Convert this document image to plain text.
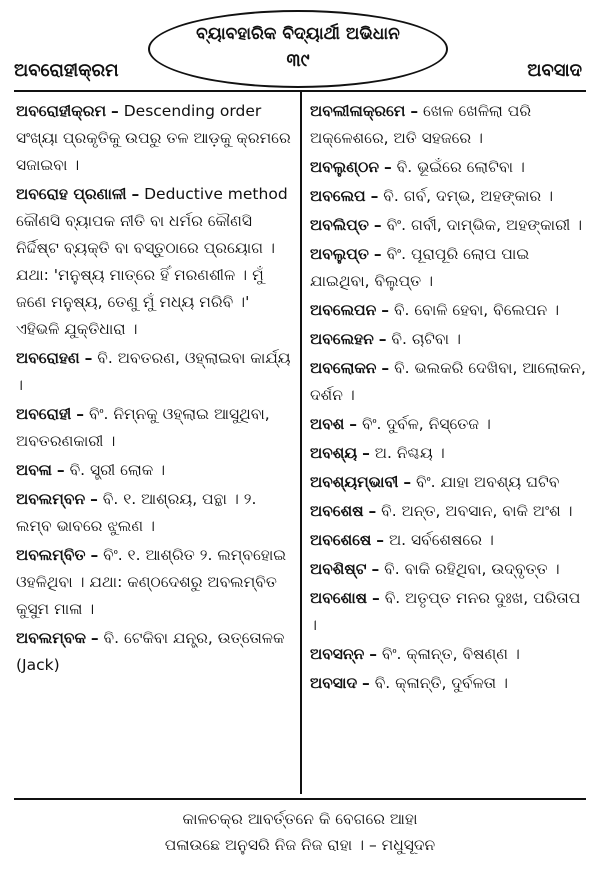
ଅବରୋହୀକ୍ରମ
ବ୍ୟାବହାରିକ ବିଦ୍ୟାର୍ଥୀ ଅଭିଧାନ
୩୯	ଅବସାଦ
ଅବରୋହୀକ୍ରମ – Descending order ସଂଖ୍ୟା ପ୍ରକୃତିକୁ ଉପରୁ ତଳ ଆଡ଼କୁ କ୍ରମରେ ସଜାଇବା ।
ଅବରୋହ ପ୍ରଣାଳୀ – Deductive method କୌଣସି ବ୍ୟାପକ ନୀତି ବା ଧର୍ମର କୌଣସି ନିର୍ଦ୍ଦିଷ୍ଟ ବ୍ୟକ୍ତି ବା ବସ୍ତୁଠାରେ ପ୍ରୟୋଗ । ଯଥା: 'ମନୁଷ୍ୟ ମାତ୍ରେ ହିଁ ମରଣଶୀଳ । ମୁଁ ଜଣେ ମନୁଷ୍ୟ, ତେଣୁ ମୁଁ ମଧ୍ୟ ମରିବି ।' ଏହିଭଳି ଯୁକ୍ତିଧାରା ।
ଅବରୋହଣ – ବି. ଅବତରଣ, ଓହ୍ଲାଇବା କାର୍ଯ୍ୟ ।
ଅବରୋହୀ – ବିଂ. ନିମ୍ନକୁ ଓହ୍ଲାଇ ଆସୁଥିବା, ଅବତରଣକାରୀ ।
ଅବଳା – ବି. ସ୍ତ୍ରୀ ଲୋକ ।
ଅବଲମ୍ବନ – ବି. ୧. ଆଶ୍ରୟ, ପନ୍ଥା । ୨. ଲମ୍ବ ଭାବରେ ଝୁଲଣ ।
ଅବଲମ୍ବିତ – ବିଂ. ୧. ଆଶ୍ରିତ ୨. ଲମ୍ବହୋଇ ଓହଳିଥିବା । ଯଥା: କଣ୍ଠଦେଶରୁ ଅବଲମ୍ବିତ କୁସୁମ ମାଳା ।
ଅବଲମ୍ବକ – ବି. ଟେକିବା ଯନ୍ତ୍ର, ଉତ୍ତୋଳକ (Jack)
ଅବଲୀଳାକ୍ରମେ – ଖେଳ ଖେଳିଲା ପରି ଅକ୍ଳେଶରେ, ଅତି ସହଜରେ ।
ଅବଲୁଣ୍ଠନ – ବି. ଭୂଇଁରେ ଲୋଟିବା ।
ଅବଲେପ – ବି. ଗର୍ବ, ଦମ୍ଭ, ଅହଙ୍କାର ।
ଅବଲିପ୍ତ – ବିଂ. ଗର୍ବୀ, ଦାମ୍ଭିକ, ଅହଙ୍କାରୀ ।
ଅବଲୁପ୍ତ – ବିଂ. ପୂରାପୂରି ଲୋପ ପାଇ ଯାଇଥିବା, ବିଲୁପ୍ତ ।
ଅବଲେପନ – ବି. ବୋଳି ହେବା, ବିଲେପନ ।
ଅବଲେହନ – ବି. ଚାଟିବା ।
ଅବଲୋକନ – ବି. ଭଲକରି ଦେଖିବା, ଆଲୋକନ, ଦର୍ଶନ ।
ଅବଶ – ବିଂ. ଦୁର୍ବଳ, ନିସ୍ତେଜ ।
ଅବଶ୍ୟ – ଅ. ନିଶ୍ଚୟ ।
ଅବଶ୍ୟମ୍ଭାବୀ – ବିଂ. ଯାହା ଅବଶ୍ୟ ଘଟିବ
ଅବଶେଷ – ବି. ଅନ୍ତ, ଅବସାନ, ବାକି ଅଂଶ ।
ଅବଶେଷେ – ଅ. ସର୍ବଶେଷରେ ।
ଅବଶିଷ୍ଟ – ବି. ବାକି ରହିଥିବା, ଉଦ୍‌ବୃତ୍ତ ।
ଅବଶୋଷ – ବି. ଅତୃପ୍ତ ମନର ଦୁଃଖ, ପରିତାପ ।
ଅବସନ୍ନ – ବିଂ. କ୍ଳାନ୍ତ, ବିଷଣ୍ଣ ।
ଅବସାଦ – ବି. କ୍ଳାନ୍ତି, ଦୁର୍ବଳତା ।
କାଳଚକ୍ର ଆବର୍ତ୍ତନେ କି ବେଗରେ ଆହା
ପଳାଉଛେ ଅନୁସରି ନିଜ ନିଜ ରାହା । – ମଧୁସୂଦନ
